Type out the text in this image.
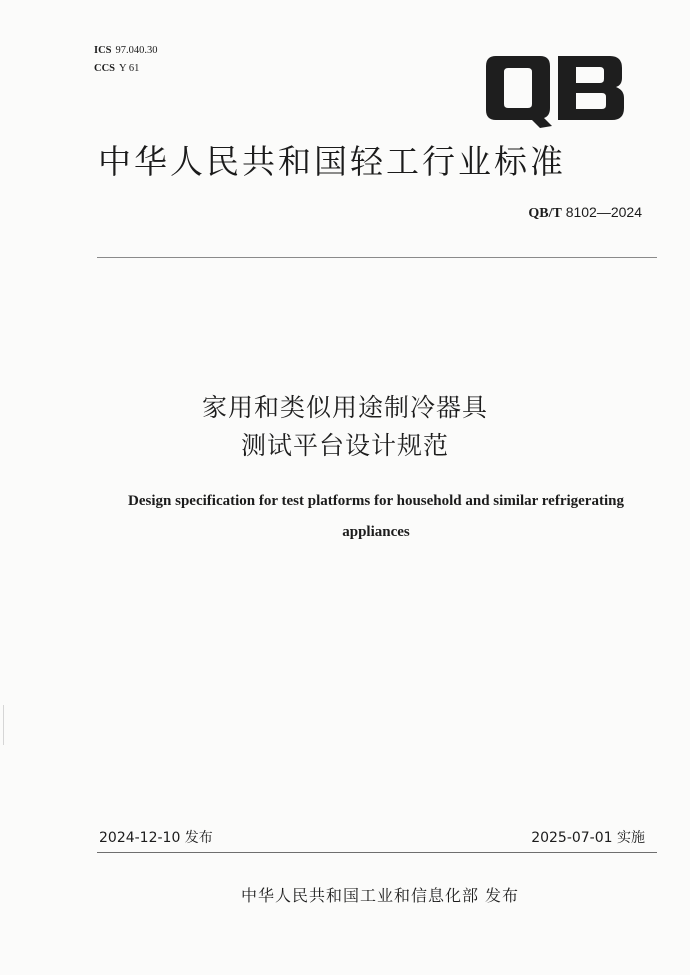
ICS 97.040.30
CCS Y 61
中华人民共和国轻工行业标准
QB/T 8102—2024
家用和类似用途制冷器具
测试平台设计规范
Design specification for test platforms for household and similar refrigerating
appliances
2024-12-10 发布	2025-07-01 实施
中华人民共和国工业和信息化部 发布
